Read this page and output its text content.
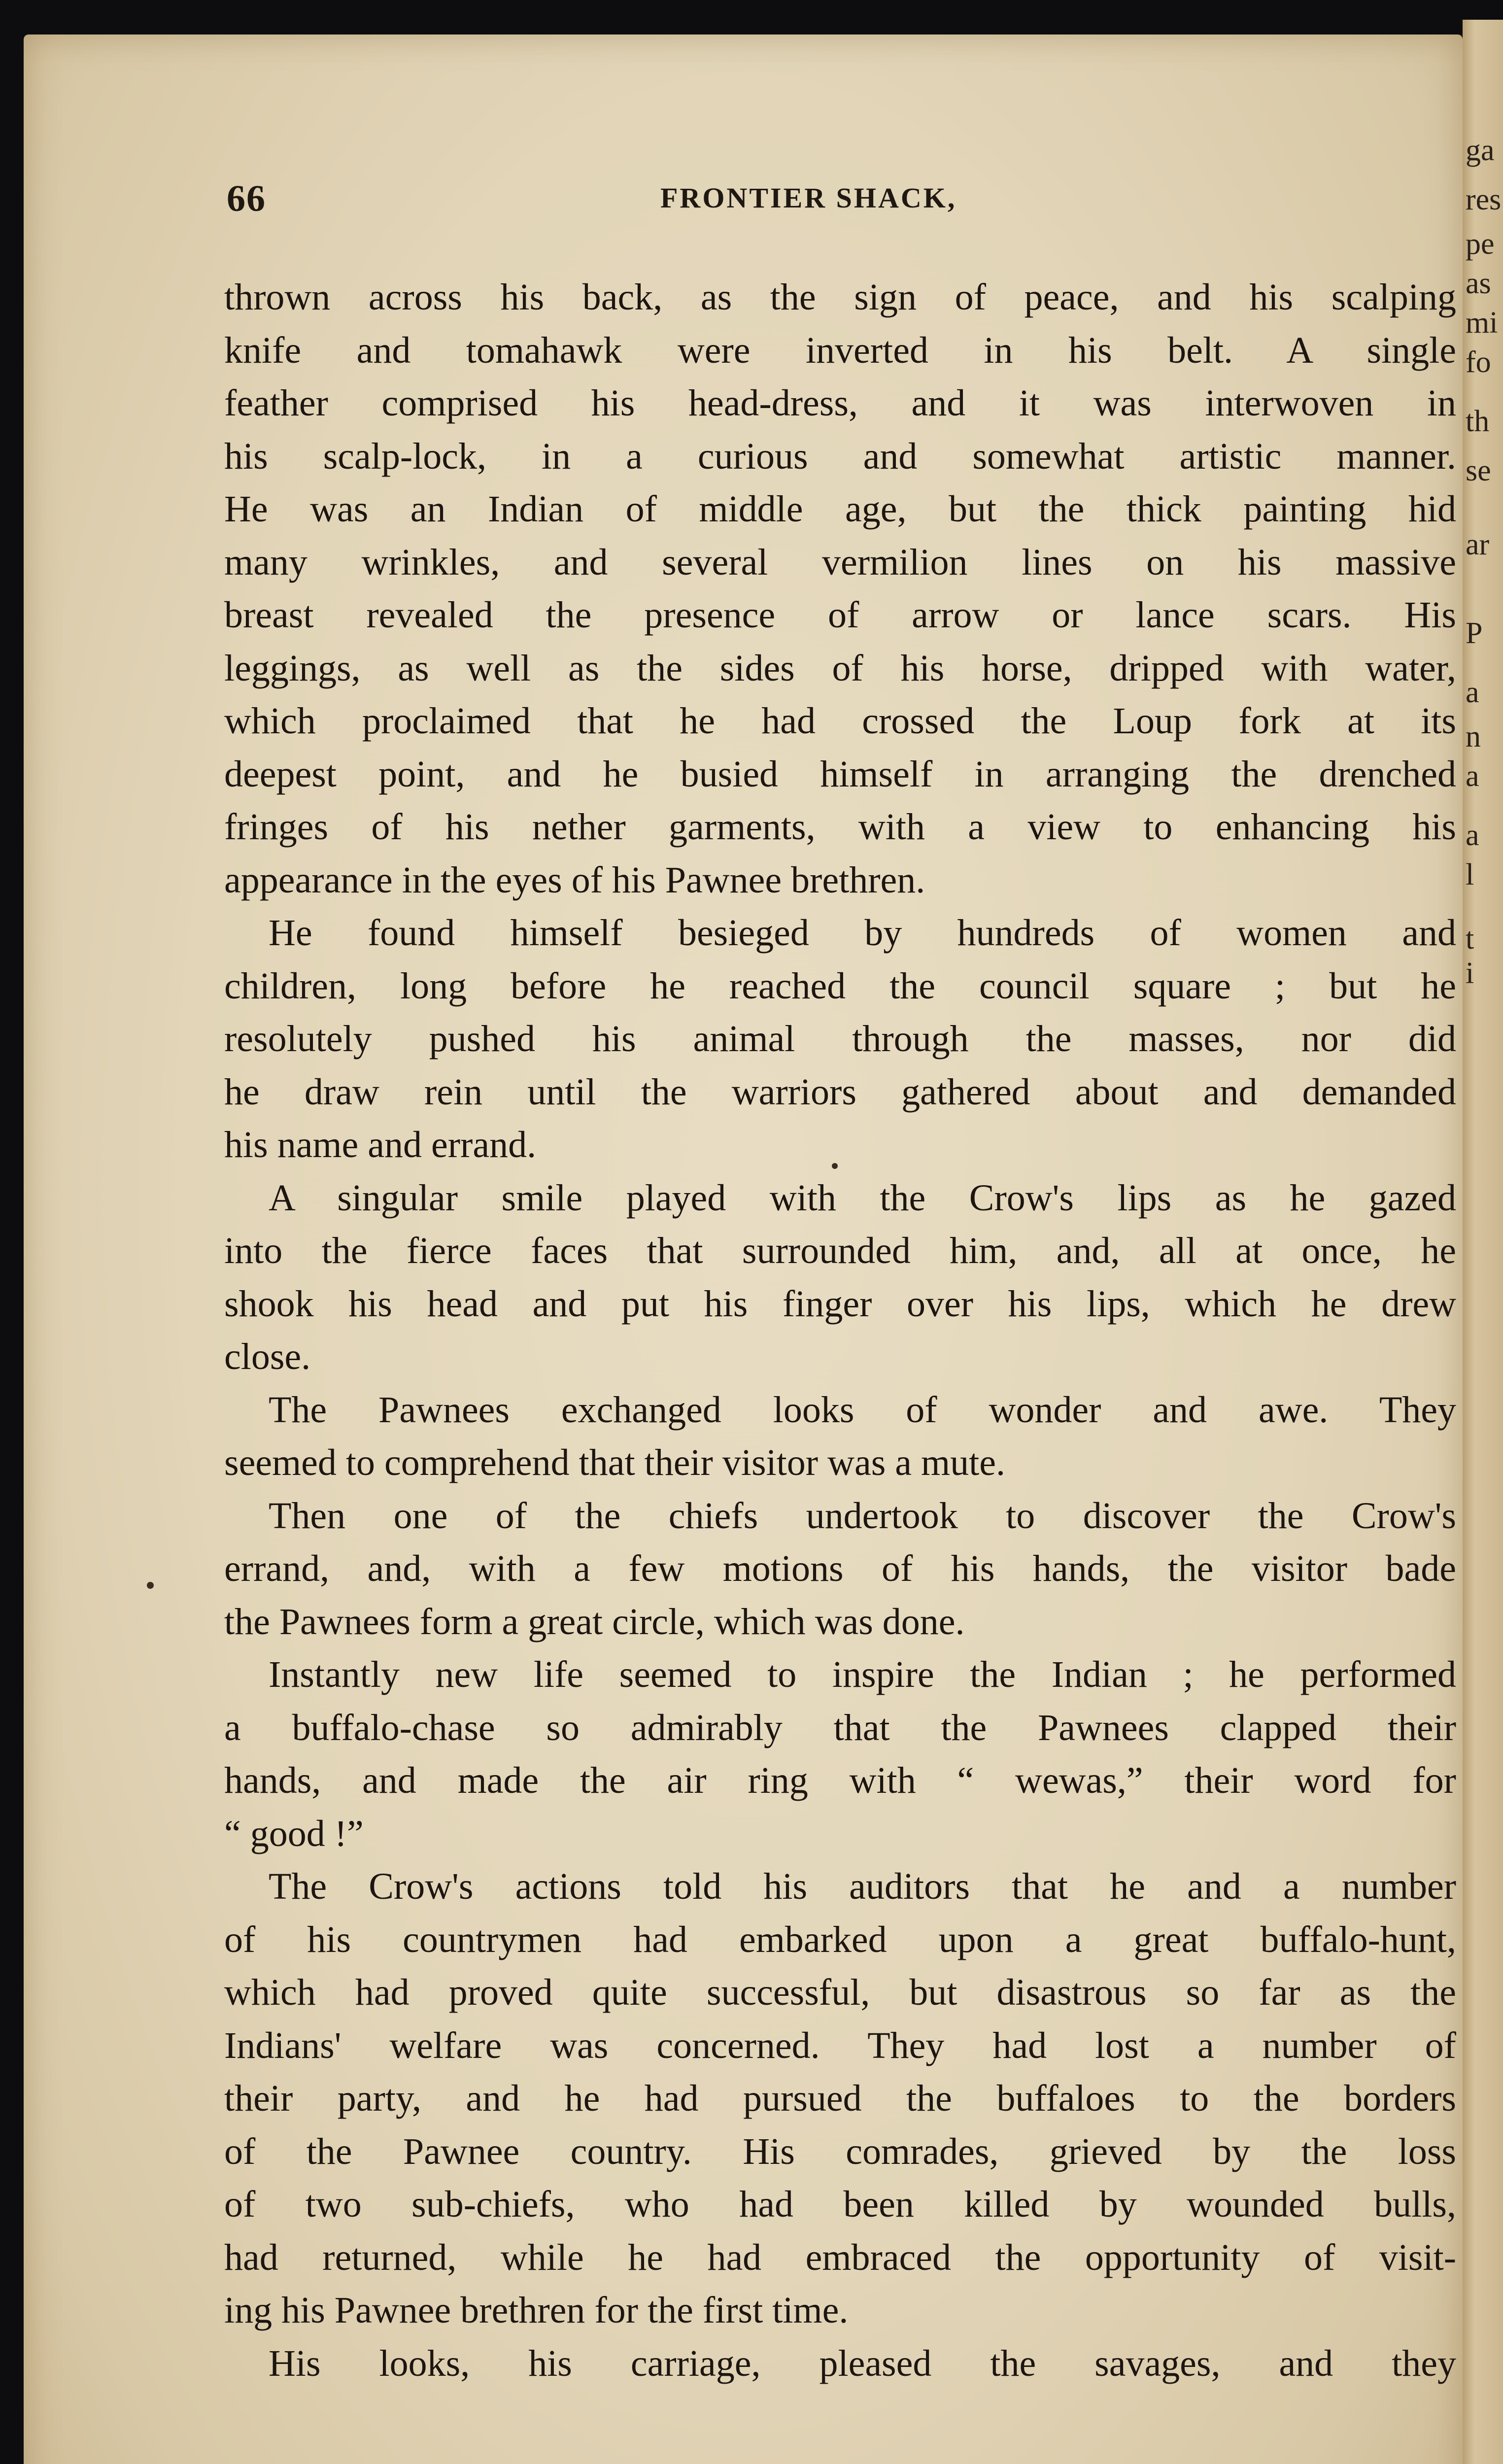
ga
res
pe
as
mi
fo
th
se
ar
P
a
n
a
a
l
t
i
66	FRONTIER SHACK,
thrown across his back, as the sign of peace, and his scalping
knife and tomahawk were inverted in his belt. A single
feather comprised his head-dress, and it was interwoven in
his scalp-lock, in a curious and somewhat artistic manner.
He was an Indian of middle age, but the thick painting hid
many wrinkles, and several vermilion lines on his massive
breast revealed the presence of arrow or lance scars. His
leggings, as well as the sides of his horse, dripped with water,
which proclaimed that he had crossed the Loup fork at its
deepest point, and he busied himself in arranging the drenched
fringes of his nether garments, with a view to enhancing his
appearance in the eyes of his Pawnee brethren.
He found himself besieged by hundreds of women and
children, long before he reached the council square ; but he
resolutely pushed his animal through the masses, nor did
he draw rein until the warriors gathered about and demanded
his name and errand.
A singular smile played with the Crow's lips as he gazed
into the fierce faces that surrounded him, and, all at once, he
shook his head and put his finger over his lips, which he drew
close.
The Pawnees exchanged looks of wonder and awe. They
seemed to comprehend that their visitor was a mute.
Then one of the chiefs undertook to discover the Crow's
errand, and, with a few motions of his hands, the visitor bade
the Pawnees form a great circle, which was done.
Instantly new life seemed to inspire the Indian ; he performed
a buffalo-chase so admirably that the Pawnees clapped their
hands, and made the air ring with “ wewas,” their word for
“ good !”
The Crow's actions told his auditors that he and a number
of his countrymen had embarked upon a great buffalo-hunt,
which had proved quite successful, but disastrous so far as the
Indians' welfare was concerned. They had lost a number of
their party, and he had pursued the buffaloes to the borders
of the Pawnee country. His comrades, grieved by the loss
of two sub-chiefs, who had been killed by wounded bulls,
had returned, while he had embraced the opportunity of visit-
ing his Pawnee brethren for the first time.
His looks, his carriage, pleased the savages, and they
